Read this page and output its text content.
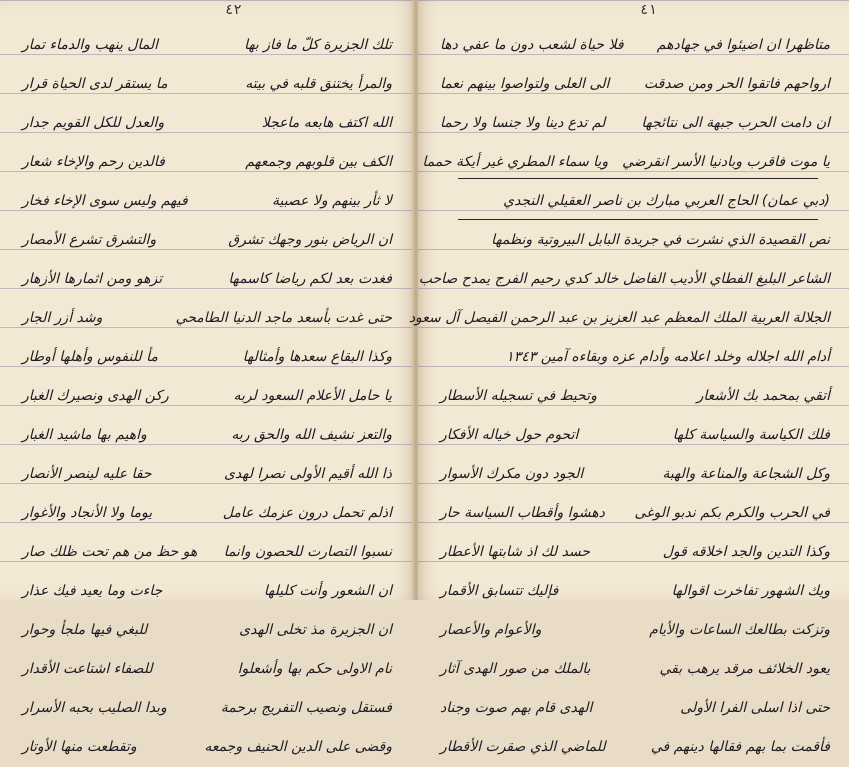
٤٢
تلك الجزيرة كلّ ما فاز بها
المال ينهب والدماء تمار
والمرأ يختنق قلبه في بيته
ما يستقر لدى الحياة قرار
الله اكتف هابعه ماعجلا
والعدل للكل القويم جدار
الكف بين قلوبهم وجمعهم
فالدين رحم والإخاء شعار
لا ثأر بينهم ولا عصبية
فيهم وليس سوى الإخاء فخار
ان الرياض بنور وجهك تشرق
والتشرق تشرع الأمصار
فغدت بعد لكم رياضا كاسمها
تزهو ومن اثمارها الأزهار
حتى غدت بأسعد ماجد الدنيا الطامحي
وشد أزر الجار
وكذا البقاع سعدها وأمثالها
مأ للنفوس وأهلها أوطار
يا حامل الأعلام السعود لربه
ركن الهدى ونصيرك الغبار
والتعز نشيف الله والحق ربه
واهيم بها ماشيد الغبار
ذا الله أقيم الأولى نصرا لهدى
حقا عليه لينصر الأنصار
اذلم تحمل درون عزمك عامل
يوما ولا الأنجاد والأغوار
نسبوا التصارت للحصون وانما
هو حظ من هم تحت ظلك صار
ان الشعور وأنت كليلها
جاءت وما يعيد فيك عذار
ان الجزيرة مذ تخلى الهدى
للبغي فيها ملجأ وحوار
نام الاولى حكم بها وأشعلوا
للصفاء اشتاعت الأقدار
فستقل ونصيب التفريج برحمة
وبدا الصليب بحبه الأسرار
وقضى على الدين الحنيف وجمعه
وتقطعت منها الأوتار
٤١
متاظهرا ان اضيئوا في جهادهم
فلا حياة لشعب دون ما عفي دها
ارواحهم فاتقوا الحر ومن صدقت
الى العلى ولتواصوا بينهم نعما
ان دامت الحرب جبهة الى نتائجها
لم تدع دينا ولا جنسا ولا رحما
يا موت فاقرب وبادنيا الأسر انقرضي
ويا سماء المطري غير أيكة حمما
(دبي عمان) الحاج العربي مبارك بن ناصر العقيلي النجدي
نص القصيدة الذي نشرت في جريدة البابل البيروتية ونظمها
الشاعر البليغ الفطاي الأديب الفاضل خالد كدي رحيم الفرج يمدح صاحب
الجلالة العربية الملك المعظم عبد العزيز بن عبد الرحمن الفيصل آل سعود
أدام الله اجلاله وخلد اعلامه وأدام عزه وبقاءه آمين ١٣٤٣
أتقي بمحمد بك الأشعار
وتحيط في تسجيله الأسطار
فلك الكياسة والسياسة كلها
اتحوم حول خياله الأفكار
وكل الشجاعة والمناعة والهبة
الجود دون مكرك الأسوار
في الحرب والكرم بكم ندبو الوغى
دهشوا وأقطاب السياسة حار
وكذا التدين والجد اخلاقه قول
حسد لك اذ شابتها الأعطار
ويك الشهور تفاخرت اقوالها
فإليك تتسابق الأقمار
وتزكت بطالعك الساعات والأيام
والأعوام والأعصار
يعود الخلائف مرقد يرهب بقي
بالملك من صور الهدى آثار
حتى اذا اسلى الفرا الأولى
الهدى قام بهم صوت وجناد
فأقمت بما بهم فقالها دينهم في
للماضي الذي صقرت الأقطار
